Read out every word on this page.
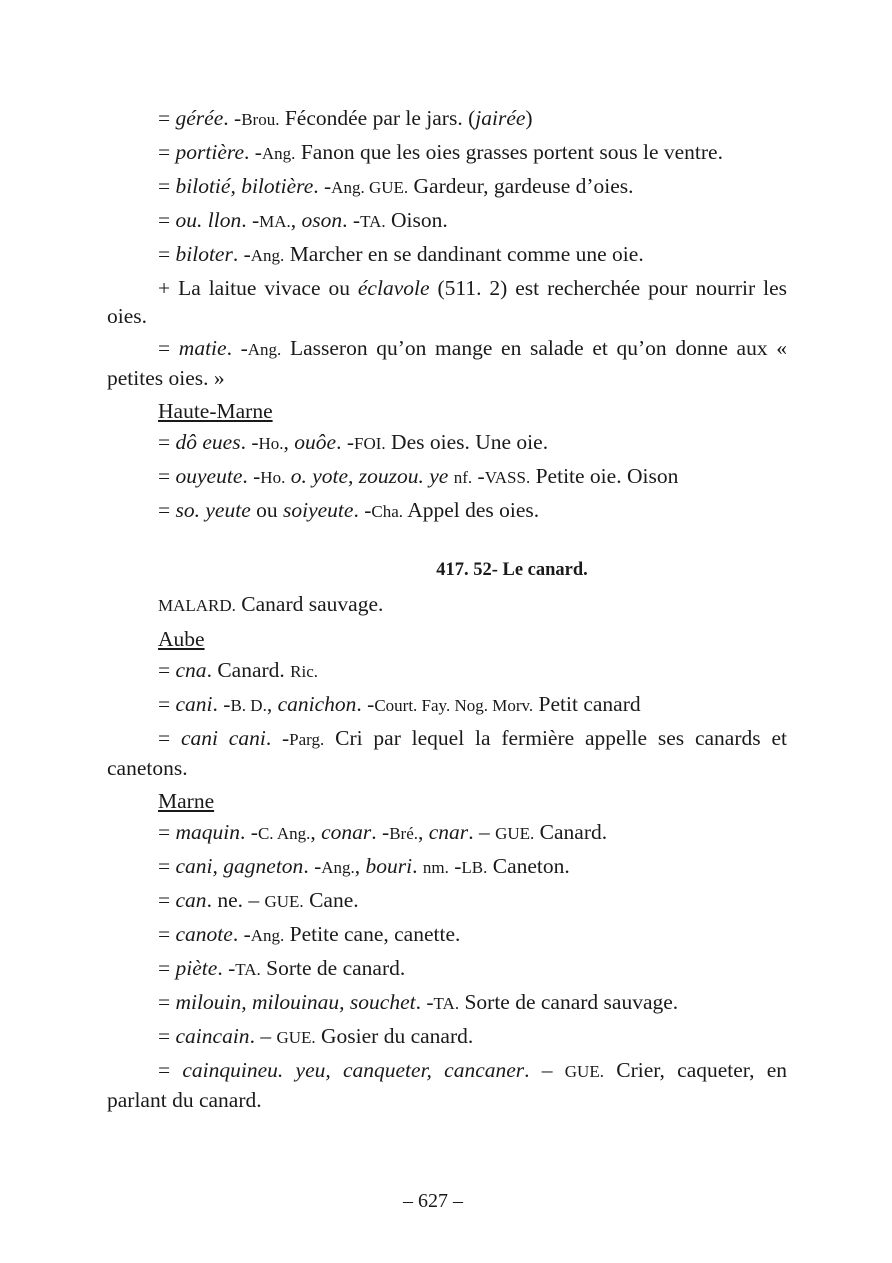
= gérée. -Brou. Fécondée par le jars. (jairée)

= portière. -Ang. Fanon que les oies grasses portent sous le ventre.

= bilotié, bilotière. -Ang. GUE. Gardeur, gardeuse d’oies.

= ou. llon. -MA., oson. -TA. Oison.

= biloter. -Ang. Marcher en se dandinant comme une oie.

+ La laitue vivace ou éclavole (511. 2) est recherchée pour nourrir les oies.

= matie. -Ang. Lasseron qu’on mange en salade et qu’on donne aux « petites oies. »

Haute-Marne

= dô eues. -Ho., ouôe. -FOI. Des oies. Une oie.

= ouyeute. -Ho. o. yote, zouzou. ye nf. -VASS. Petite oie. Oison

= so. yeute ou soiyeute. -Cha. Appel des oies.

417. 52- Le canard.

MALARD. Canard sauvage.

Aube

= cna. Canard. Ric.

= cani. -B. D., canichon. -Court. Fay. Nog. Morv. Petit canard

= cani cani. -Parg. Cri par lequel la fermière appelle ses canards et canetons.

Marne

= maquin. -C. Ang., conar. -Bré., cnar. – GUE. Canard.

= cani, gagneton. -Ang., bouri. nm. -LB. Caneton.

= can. ne. – GUE. Cane.

= canote. -Ang. Petite cane, canette.

= piète. -TA. Sorte de canard.

= milouin, milouinau, souchet. -TA. Sorte de canard sauvage.

= caincain. – GUE. Gosier du canard.

= cainquineu. yeu, canqueter, cancaner. – GUE. Crier, caqueter, en parlant du canard.

– 627 –
